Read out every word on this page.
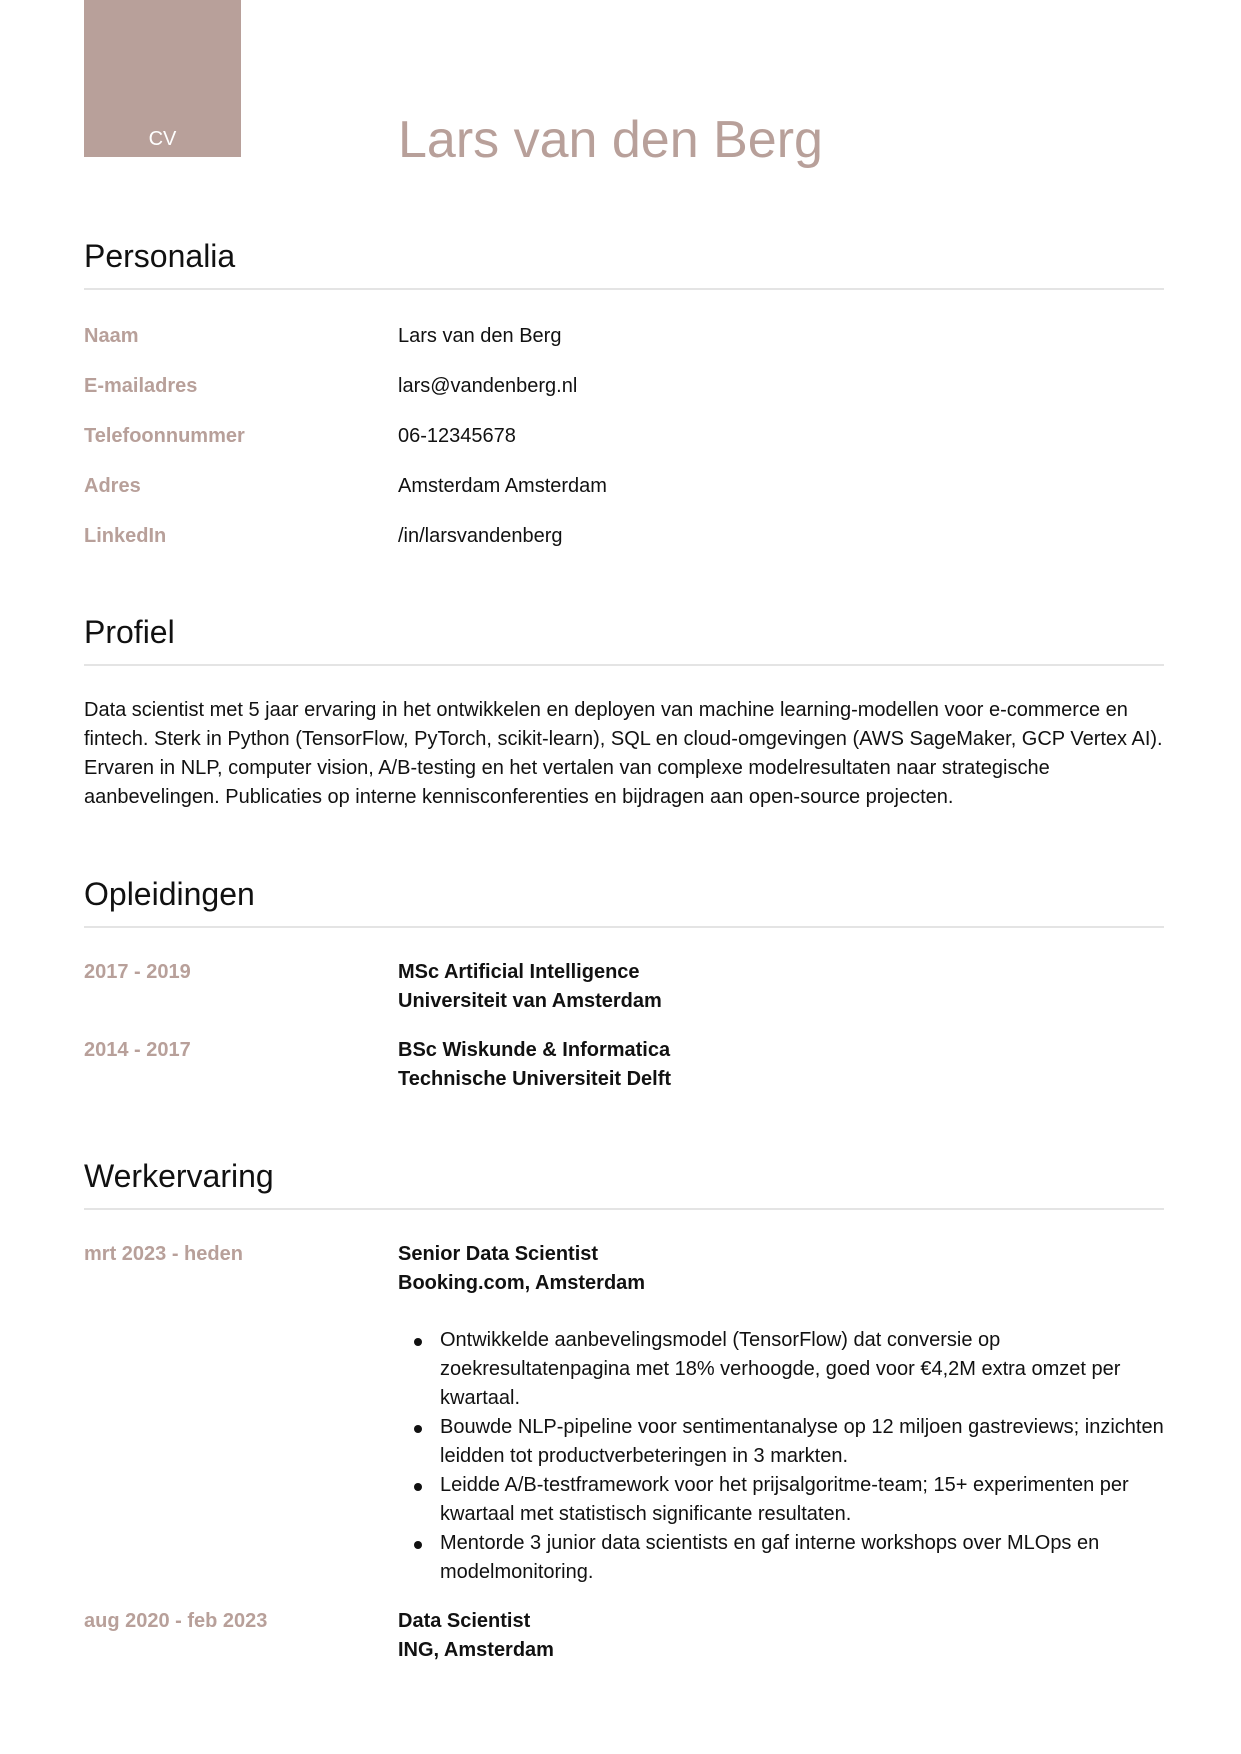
CV	Lars van den Berg
Personalia
Naam	Lars van den Berg
E-mailadres	lars@vandenberg.nl
Telefoonnummer	06-12345678
Adres	Amsterdam Amsterdam
LinkedIn	/in/larsvandenberg
Profiel

Data scientist met 5 jaar ervaring in het ontwikkelen en deployen van machine learning-modellen voor e-commerce en fintech. Sterk in Python (TensorFlow, PyTorch, scikit-learn), SQL en cloud-omgevingen (AWS SageMaker, GCP Vertex AI). Ervaren in NLP, computer vision, A/B-testing en het vertalen van complexe modelresultaten naar strategische aanbevelingen. Publicaties op interne kennisconferenties en bijdragen aan open-source projecten.

Opleidingen
2017 - 2019	MSc Artificial Intelligence
Universiteit van Amsterdam
2014 - 2017	BSc Wiskunde & Informatica
Technische Universiteit Delft
Werkervaring
mrt 2023 - heden	Senior Data Scientist
Booking.com, Amsterdam
Ontwikkelde aanbevelingsmodel (TensorFlow) dat conversie op zoekresultatenpagina met 18% verhoogde, goed voor €4,2M extra omzet per kwartaal.
Bouwde NLP-pipeline voor sentimentanalyse op 12 miljoen gastreviews; inzichten leidden tot productverbeteringen in 3 markten.
Leidde A/B-testframework voor het prijsalgoritme-team; 15+ experimenten per kwartaal met statistisch significante resultaten.
Mentorde 3 junior data scientists en gaf interne workshops over MLOps en modelmonitoring.
aug 2020 - feb 2023	Data Scientist
ING, Amsterdam
